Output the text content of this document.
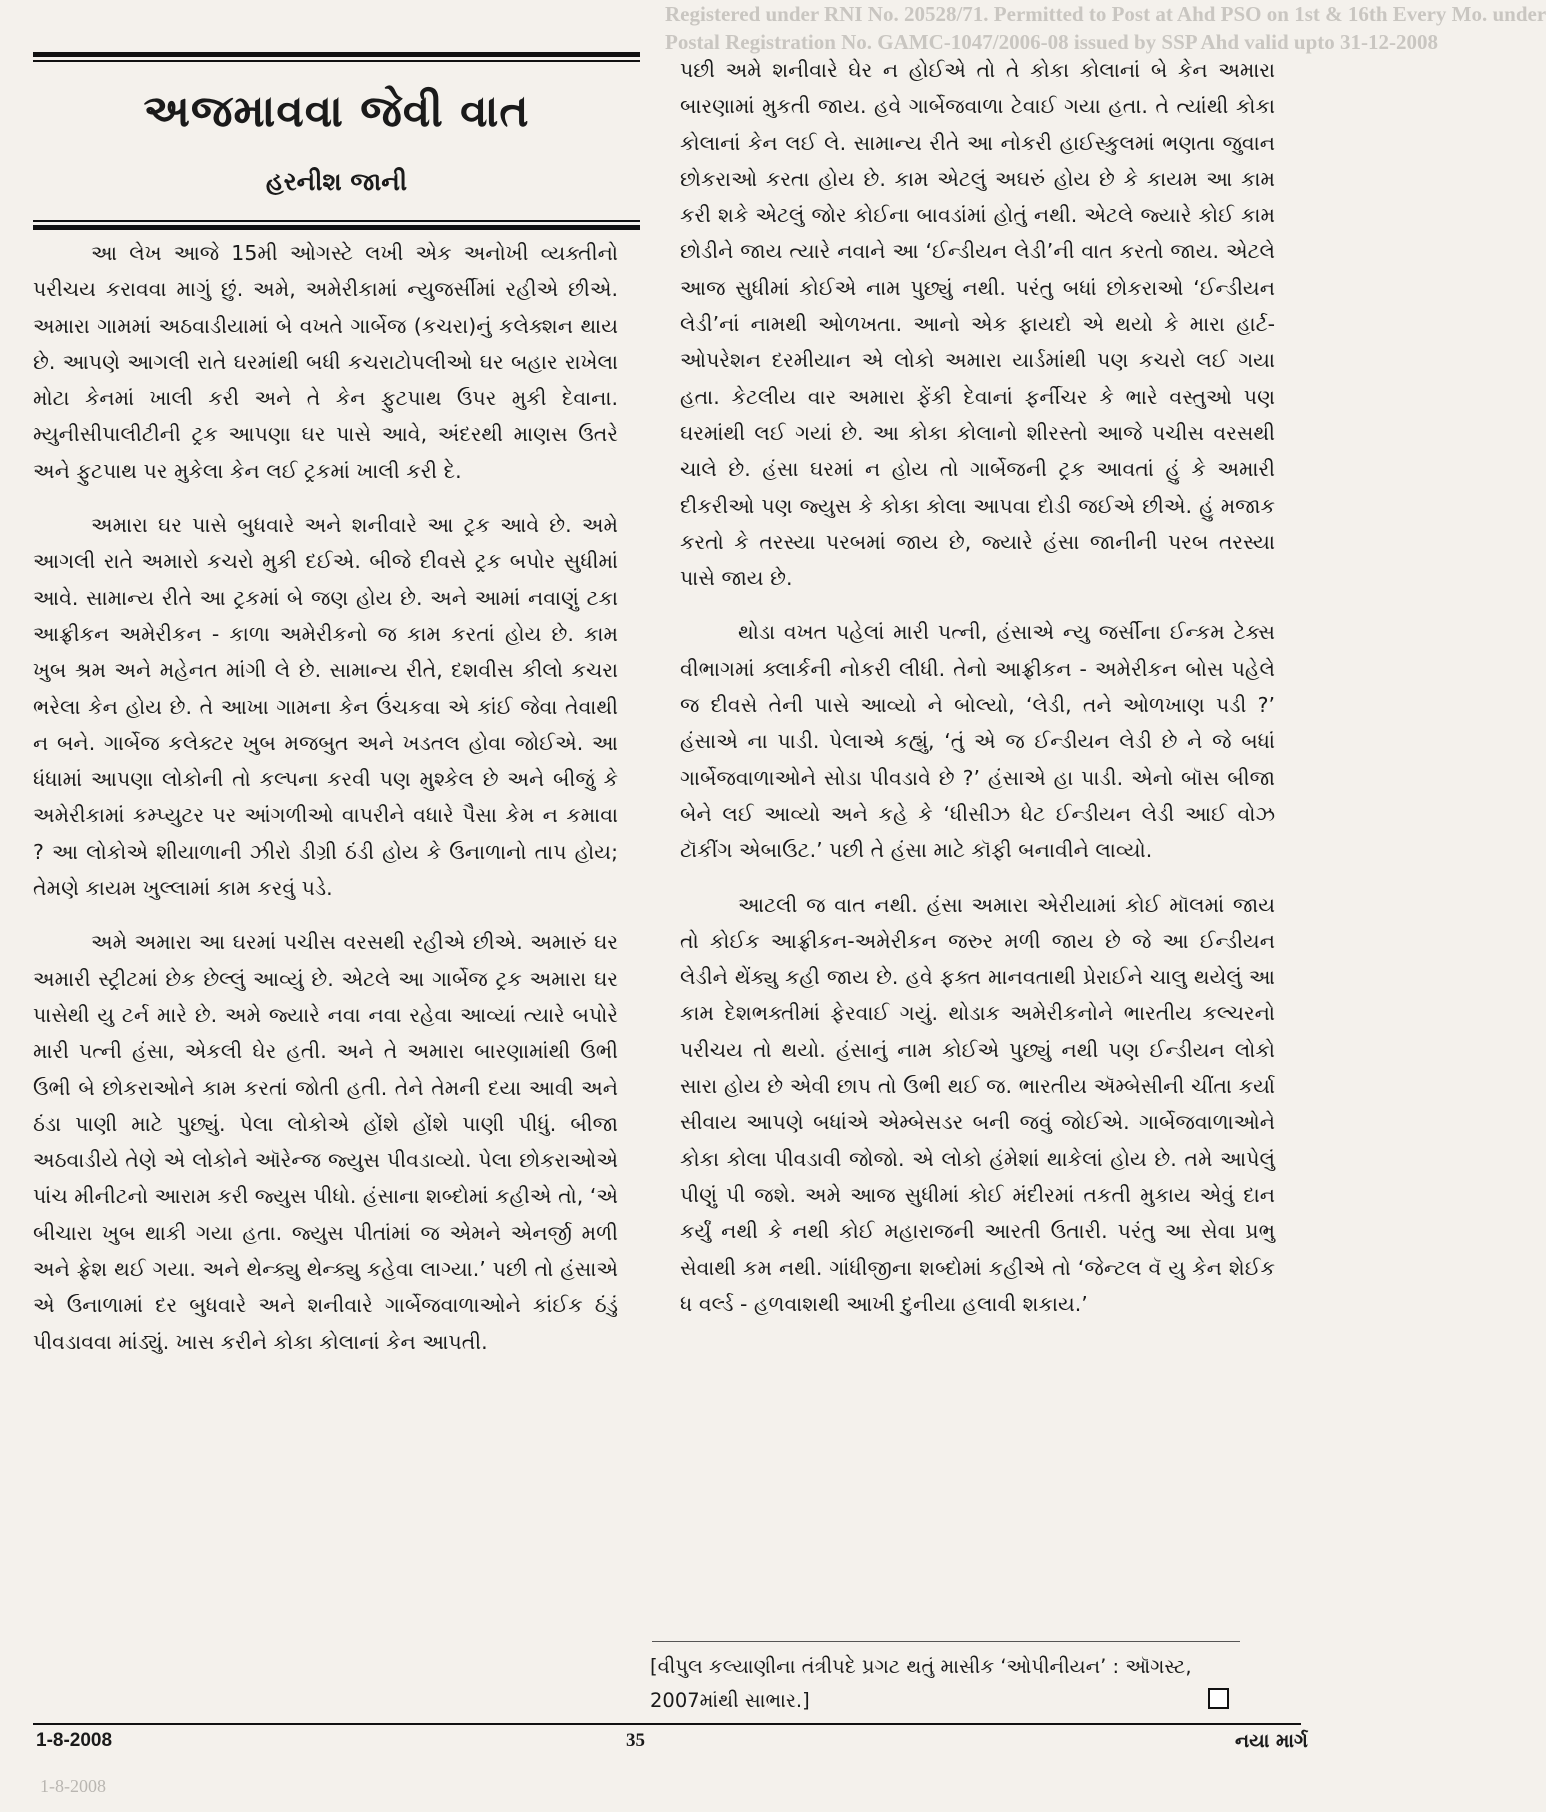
Registered under RNI No. 20528/71. Permitted to Post at Ahd PSO on 1st & 16th Every Mo. under
Postal Registration No. GAMC-1047/2006-08 issued by SSP Ahd valid upto 31-12-2008
અજમાવવા જેવી વાત
હરનીશ જાની

આ લેખ આજે 15મી ઓગસ્ટે લખી એક અનોખી વ્યક્તીનો પરીચય કરાવવા માગું છું. અમે, અમેરીકામાં ન્યુજર્સીમાં રહીએ છીએ. અમારા ગામમાં અઠવાડીયામાં બે વખતે ગાર્બેજ (કચરા)નું કલેક્શન થાય છે. આપણે આગલી રાતે ઘરમાંથી બધી કચરાટોપલીઓ ઘર બહાર રાખેલા મોટા કેનમાં ખાલી કરી અને તે કેન ફુટપાથ ઉપર મુકી દેવાના. મ્યુનીસીપાલીટીની ટ્રક આપણા ઘર પાસે આવે, અંદરથી માણસ ઉતરે અને ફુટપાથ પર મુકેલા કેન લઈ ટ્રકમાં ખાલી કરી દે.

અમારા ઘર પાસે બુધવારે અને શનીવારે આ ટ્રક આવે છે. અમે આગલી રાતે અમારો કચરો મુકી દઈએ. બીજે દીવસે ટ્રક બપોર સુધીમાં આવે. સામાન્ય રીતે આ ટ્રકમાં બે જણ હોય છે. અને આમાં નવાણું ટકા આફ્રીકન અમેરીકન - કાળા અમેરીકનો જ કામ કરતાં હોય છે. કામ ખુબ શ્રમ અને મહેનત માંગી લે છે. સામાન્ય રીતે, દશવીસ કીલો કચરા ભરેલા કેન હોય છે. તે આખા ગામના કેન ઉંચકવા એ કાંઈ જેવા તેવાથી ન બને. ગાર્બેજ કલેક્ટર ખુબ મજબુત અને ખડતલ હોવા જોઈએ. આ ધંધામાં આપણા લોકોની તો કલ્પના કરવી પણ મુશ્કેલ છે અને બીજું કે અમેરીકામાં કમ્પ્યુટર પર આંગળીઓ વાપરીને વધારે પૈસા કેમ ન કમાવા ? આ લોકોએ શીયાળાની ઝીરો ડીગ્રી ઠંડી હોય કે ઉનાળાનો તાપ હોય; તેમણે કાયમ ખુલ્લામાં કામ કરવું પડે.

અમે અમારા આ ઘરમાં પચીસ વરસથી રહીએ છીએ. અમારું ઘર અમારી સ્ટ્રીટમાં છેક છેલ્લું આવ્યું છે. એટલે આ ગાર્બેજ ટ્રક અમારા ઘર પાસેથી યુ ટર્ન મારે છે. અમે જ્યારે નવા નવા રહેવા આવ્યાં ત્યારે બપોરે મારી પત્ની હંસા, એકલી ઘેર હતી. અને તે અમારા બારણામાંથી ઉભી ઉભી બે છોકરાઓને કામ કરતાં જોતી હતી. તેને તેમની દયા આવી અને ઠંડા પાણી માટે પુછ્યું. પેલા લોકોએ હોંશે હોંશે પાણી પીધું. બીજા અઠવાડીયે તેણે એ લોકોને ઑરેન્જ જ્યુસ પીવડાવ્યો. પેલા છોકરાઓએ પાંચ મીનીટનો આરામ કરી જ્યુસ પીધો. હંસાના શબ્દોમાં કહીએ તો, ‘એ બીચારા ખુબ થાકી ગયા હતા. જ્યુસ પીતાંમાં જ એમને એનર્જી મળી અને ફ્રેશ થઈ ગયા. અને થેન્ક્યુ થેન્ક્યુ કહેવા લાગ્યા.’ પછી તો હંસાએ એ ઉનાળામાં દર બુધવારે અને શનીવારે ગાર્બેજવાળાઓને કાંઈક ઠંડું પીવડાવવા માંડ્યું. ખાસ કરીને કોકા કોલાનાં કેન આપતી.

પછી અમે શનીવારે ઘેર ન હોઈએ તો તે કોકા કોલાનાં બે કેન અમારા બારણામાં મુકતી જાય. હવે ગાર્બેજવાળા ટેવાઈ ગયા હતા. તે ત્યાંથી કોકા કોલાનાં કેન લઈ લે. સામાન્ય રીતે આ નોકરી હાઈસ્કુલમાં ભણતા જુવાન છોકરાઓ કરતા હોય છે. કામ એટલું અઘરું હોય છે કે કાયમ આ કામ કરી શકે એટલું જોર કોઈના બાવડાંમાં હોતું નથી. એટલે જ્યારે કોઈ કામ છોડીને જાય ત્યારે નવાને આ ‘ઈન્ડીયન લેડી’ની વાત કરતો જાય. એટલે આજ સુધીમાં કોઈએ નામ પુછ્યું નથી. પરંતુ બધાં છોકરાઓ ‘ઈન્ડીયન લેડી’નાં નામથી ઓળખતા. આનો એક ફાયદો એ થયો કે મારા હાર્ટ-ઓપરેશન દરમીયાન એ લોકો અમારા યાર્ડમાંથી પણ કચરો લઈ ગયા હતા. કેટલીય વાર અમારા ફેંકી દેવાનાં ફર્નીચર કે ભારે વસ્તુઓ પણ ઘરમાંથી લઈ ગયાં છે. આ કોકા કોલાનો શીરસ્તો આજે પચીસ વરસથી ચાલે છે. હંસા ઘરમાં ન હોય તો ગાર્બેજની ટ્રક આવતાં હું કે અમારી દીકરીઓ પણ જ્યુસ કે કોકા કોલા આપવા દોડી જઈએ છીએ. હું મજાક કરતો કે તરસ્યા પરબમાં જાય છે, જ્યારે હંસા જાનીની પરબ તરસ્યા પાસે જાય છે.

થોડા વખત પહેલાં મારી પત્ની, હંસાએ ન્યુ જર્સીના ઈન્કમ ટેક્સ વીભાગમાં ક્લાર્કની નોકરી લીધી. તેનો આફ્રીકન - અમેરીકન બોસ પહેલે જ દીવસે તેની પાસે આવ્યો ને બોલ્યો, ‘લેડી, તને ઓળખાણ પડી ?’ હંસાએ ના પાડી. પેલાએ કહ્યું, ‘તું એ જ ઈન્ડીયન લેડી છે ને જે બધાં ગાર્બેજવાળાઓને સોડા પીવડાવે છે ?’ હંસાએ હા પાડી. એનો બૉસ બીજા બેને લઈ આવ્યો અને કહે કે ‘ધીસીઝ ધેટ ઈન્ડીયન લેડી આઈ વોઝ ટૉકીંગ એબાઉટ.’ પછી તે હંસા માટે કૉફી બનાવીને લાવ્યો.

આટલી જ વાત નથી. હંસા અમારા એરીયામાં કોઈ મૉલમાં જાય તો કોઈક આફ્રીકન-અમેરીકન જરુર મળી જાય છે જે આ ઈન્ડીયન લેડીને થેંક્યુ કહી જાય છે. હવે ફક્ત માનવતાથી પ્રેરાઈને ચાલુ થયેલું આ કામ દેશભક્તીમાં ફેરવાઈ ગયું. થોડાક અમેરીકનોને ભારતીય કલ્ચરનો પરીચય તો થયો. હંસાનું નામ કોઈએ પુછ્યું નથી પણ ઈન્ડીયન લોકો સારા હોય છે એવી છાપ તો ઉભી થઈ જ. ભારતીય ઍમ્બેસીની ચીંતા કર્યા સીવાય આપણે બધાંએ એમ્બેસડર બની જવું જોઈએ. ગાર્બેજવાળાઓને કોકા કોલા પીવડાવી જોજો. એ લોકો હંમેશાં થાકેલાં હોય છે. તમે આપેલું પીણું પી જશે. અમે આજ સુધીમાં કોઈ મંદીરમાં તકતી મુકાય એવું દાન કર્યું નથી કે નથી કોઈ મહારાજની આરતી ઉતારી. પરંતુ આ સેવા પ્રભુ સેવાથી કમ નથી. ગાંધીજીના શબ્દોમાં કહીએ તો ‘જેન્ટલ વૅ યુ કેન શેઈક ધ વર્લ્ડ - હળવાશથી આખી દુનીયા હલાવી શકાય.’

[વીપુલ કલ્યાણીના તંત્રીપદે પ્રગટ થતું માસીક ‘ઓપીનીયન’ : ઑગસ્ટ, 2007માંથી સાભાર.]
1-8-2008	35	નયા માર્ગ
1-8-2008
